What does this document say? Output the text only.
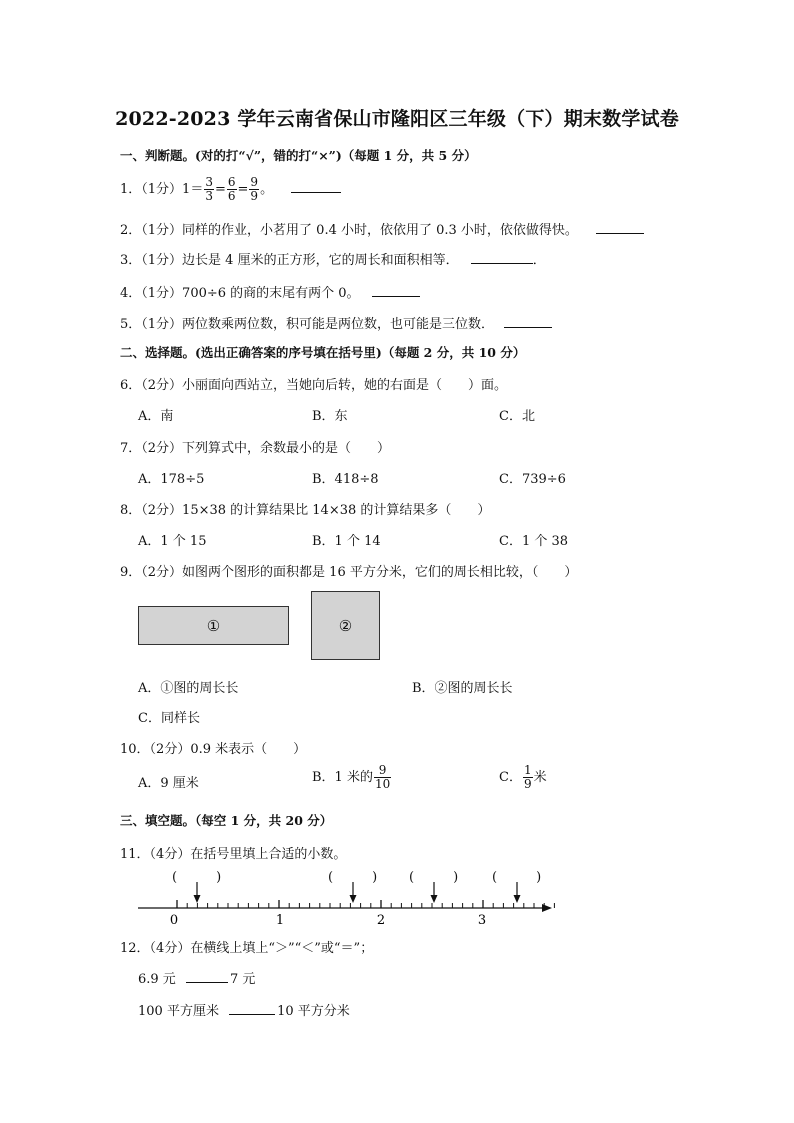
2022-2023 学年云南省保山市隆阳区三年级（下）期末数学试卷
一、判断题。(对的打“√”，错的打“×”)（每题 1 分，共 5 分）
1．（1分）$1= \frac{3}{3} = \frac{6}{6} = \frac{9}{9}$ 。
2．（1分）同样的作业，小茗用了 0.4 小时，依依用了 0.3 小时，依依做得快。
3．（1分）边长是 4 厘米的正方形，它的周长和面积相等．	．
4．（1分）700÷6 的商的末尾有两个 0。
5．（1分）两位数乘两位数，积可能是两位数，也可能是三位数．
二、选择题。(选出正确答案的序号填在括号里)（每题 2 分，共 10 分）
6．（2分）小丽面向西站立，当她向后转，她的右面是（　　）面。
A．南	B．东	C．北
7．（2分）下列算式中，余数最小的是（　　）
A．178÷5	B．418÷8	C．739÷6
8．（2分）15×38 的计算结果比 14×38 的计算结果多（　　）
A．1 个 15	B．1 个 14	C．1 个 38
9．（2分）如图两个图形的面积都是 16 平方分米，它们的周长相比较，（　　）
①	②
A．①图的周长长	B．②图的周长长
C．同样长
10．（2分）0.9 米表示（　　）
A．9 厘米	B．1 米的 $\frac{9}{10}$	C． $\frac{1}{9}$ 米
三、填空题。（每空 1 分，共 20 分）
11．（4分）在括号里填上合适的小数。
(　　　)	(　　　) (　　　)	(　　　)
0	1	2	3
12．（4分）在横线上填上“＞”“＜”或“＝”；
6.9 元	7 元
100 平方厘米	10 平方分米
